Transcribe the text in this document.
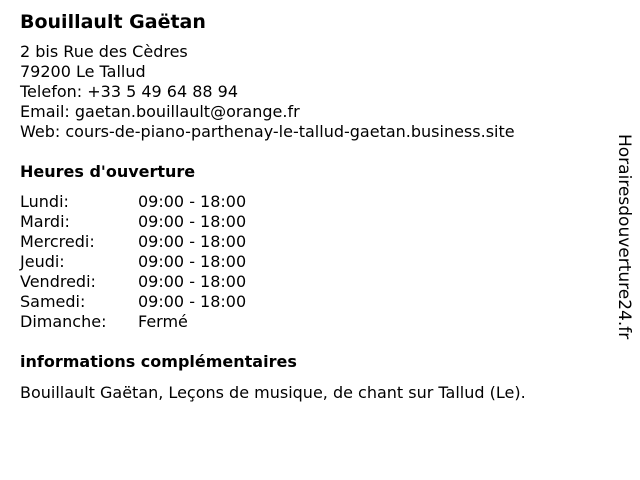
Bouillault Gaëtan
2 bis Rue des Cèdres
79200 Le Tallud
Telefon: +33 5 49 64 88 94
Email: gaetan.bouillault@orange.fr
Web: cours-de-piano-parthenay-le-tallud-gaetan.business.site
Heures d'ouverture
Lundi:	09:00 - 18:00
Mardi:	09:00 - 18:00
Mercredi:	09:00 - 18:00
Jeudi:	09:00 - 18:00
Vendredi:	09:00 - 18:00
Samedi:	09:00 - 18:00
Dimanche:	Fermé
informations complémentaires
Bouillault Gaëtan, Leçons de musique, de chant sur Tallud (Le).
Horairesdouverture24.fr
